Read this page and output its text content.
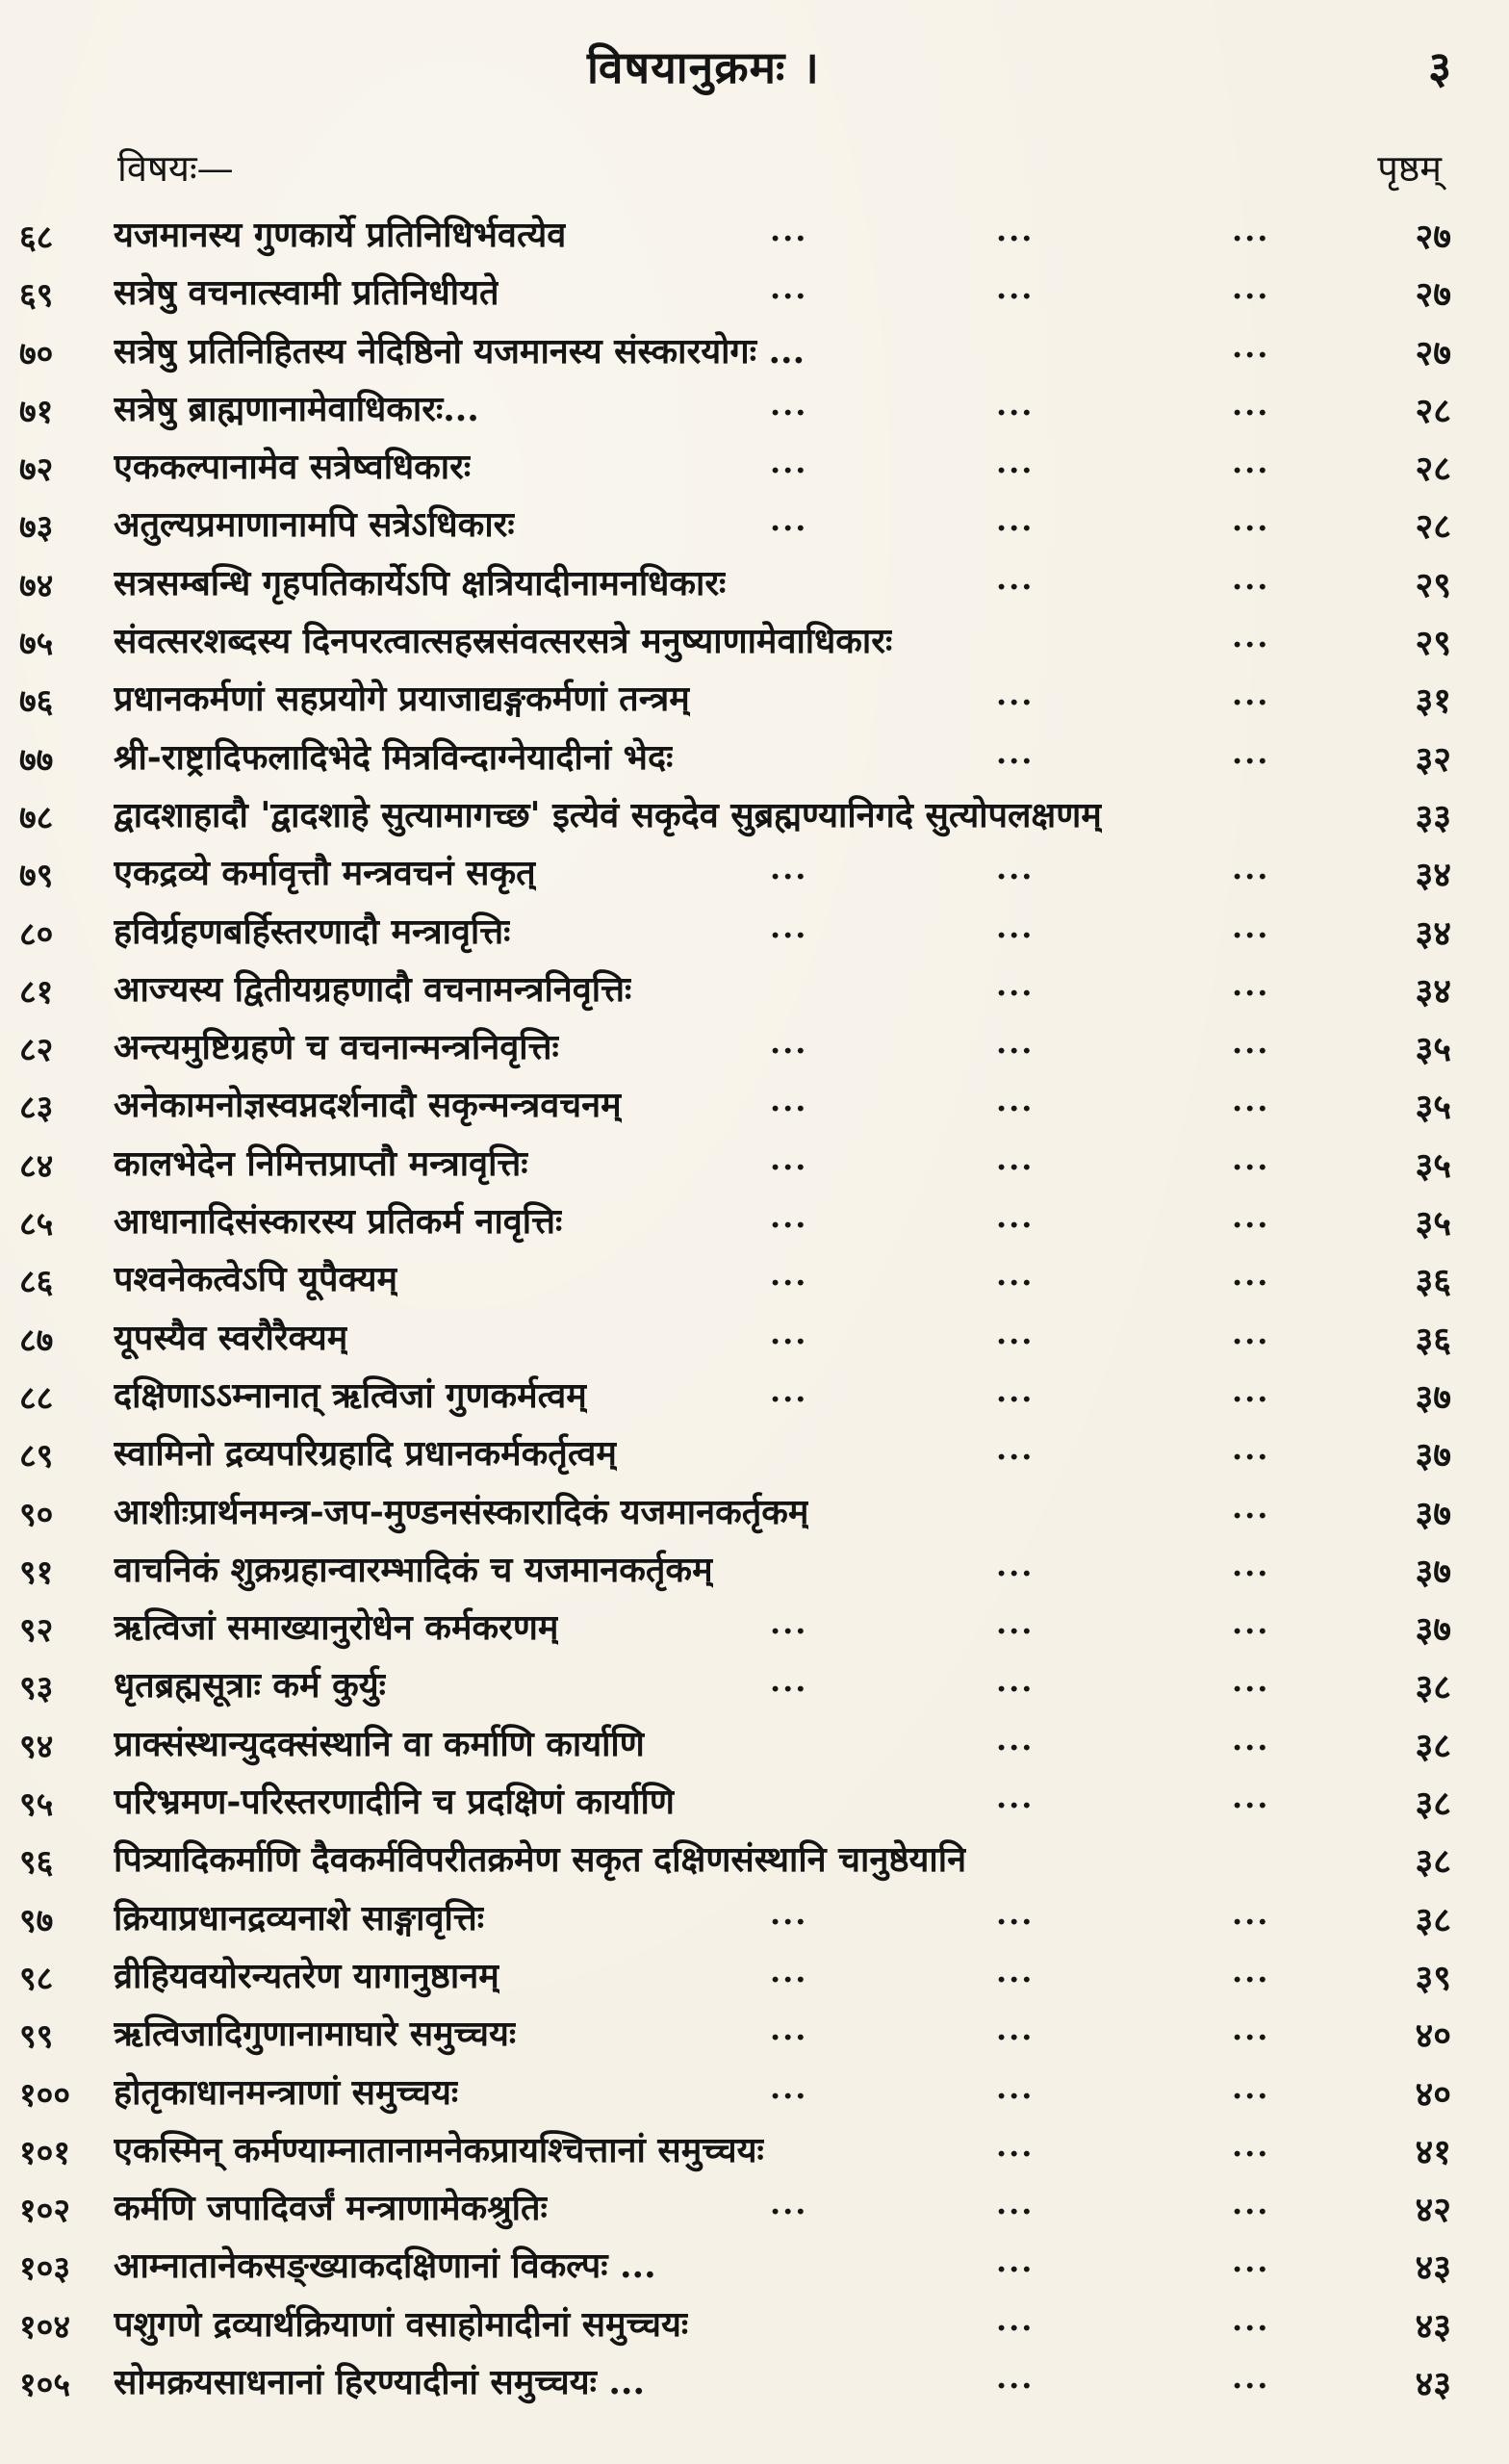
विषयानुक्रमः ।	३
विषयः—	पृष्ठम्
६८	यजमानस्य गुणकार्ये प्रतिनिधिर्भवत्येव	...	...	...	२७
६९	सत्रेषु वचनात्स्वामी प्रतिनिधीयते	...	...	...	२७
७०	सत्रेषु प्रतिनिहितस्य नेदिष्ठिनो यजमानस्य संस्कारयोगः ...	...	२७
७१	सत्रेषु ब्राह्मणानामेवाधिकारः...	...	...	...	२८
७२	एककल्पानामेव सत्रेष्वधिकारः	...	...	...	२८
७३	अतुल्यप्रमाणानामपि सत्रेऽधिकारः	...	...	...	२८
७४	सत्रसम्बन्धि गृहपतिकार्येऽपि क्षत्रियादीनामनधिकारः	...	...	२९
७५	संवत्सरशब्दस्य दिनपरत्वात्सहस्रसंवत्सरसत्रे मनुष्याणामेवाधिकारः	...	२९
७६	प्रधानकर्मणां सहप्रयोगे प्रयाजाद्यङ्गकर्मणां तन्त्रम्	...	...	३१
७७	श्री-राष्ट्रादिफलादिभेदे मित्रविन्दाग्नेयादीनां भेदः	...	...	३२
७८	द्वादशाहादौ 'द्वादशाहे सुत्यामागच्छ' इत्येवं सकृदेव सुब्रह्मण्यानिगदे सुत्योपलक्षणम्	३३
७९	एकद्रव्ये कर्मावृत्तौ मन्त्रवचनं सकृत्	...	...	...	३४
८०	हविर्ग्रहणबर्हिस्तरणादौ मन्त्रावृत्तिः	...	...	...	३४
८१	आज्यस्य द्वितीयग्रहणादौ वचनामन्त्रनिवृत्तिः	...	...	३४
८२	अन्त्यमुष्टिग्रहणे च वचनान्मन्त्रनिवृत्तिः	...	...	...	३५
८३	अनेकामनोज्ञस्वप्नदर्शनादौ सकृन्मन्त्रवचनम्	...	...	...	३५
८४	कालभेदेन निमित्तप्राप्तौ मन्त्रावृत्तिः	...	...	...	३५
८५	आधानादिसंस्कारस्य प्रतिकर्म नावृत्तिः	...	...	...	३५
८६	पश्वनेकत्वेऽपि यूपैक्यम्	...	...	...	३६
८७	यूपस्यैव स्वरौरैक्यम्	...	...	...	३६
८८	दक्षिणाऽऽम्नानात् ऋत्विजां गुणकर्मत्वम्	...	...	...	३७
८९	स्वामिनो द्रव्यपरिग्रहादि प्रधानकर्मकर्तृत्वम्	...	...	३७
९०	आशीःप्रार्थनमन्त्र-जप-मुण्डनसंस्कारादिकं यजमानकर्तृकम्	...	३७
९१	वाचनिकं शुक्रग्रहान्वारम्भादिकं च यजमानकर्तृकम्	...	...	३७
९२	ऋत्विजां समाख्यानुरोधेन कर्मकरणम्	...	...	...	३७
९३	धृतब्रह्मसूत्राः कर्म कुर्युः	...	...	...	३८
९४	प्राक्संस्थान्युदक्संस्थानि वा कर्माणि कार्याणि	...	...	३८
९५	परिभ्रमण-परिस्तरणादीनि च प्रदक्षिणं कार्याणि	...	...	३८
९६	पित्र्यादिकर्माणि दैवकर्मविपरीतक्रमेण सकृत दक्षिणसंस्थानि चानुष्ठेयानि	३८
९७	क्रियाप्रधानद्रव्यनाशे साङ्गावृत्तिः	...	...	...	३८
९८	व्रीहियवयोरन्यतरेण यागानुष्ठानम्	...	...	...	३९
९९	ऋत्विजादिगुणानामाघारे समुच्चयः	...	...	...	४०
१००	होतृकाधानमन्त्राणां समुच्चयः	...	...	...	४०
१०१	एकस्मिन् कर्मण्याम्नातानामनेकप्रायश्चित्तानां समुच्चयः	...	...	४१
१०२	कर्मणि जपादिवर्जं मन्त्राणामेकश्रुतिः	...	...	...	४२
१०३	आम्नातानेकसङ्ख्याकदक्षिणानां विकल्पः ...	...	...	४३
१०४	पशुगणे द्रव्यार्थक्रियाणां वसाहोमादीनां समुच्चयः	...	...	४३
१०५	सोमक्रयसाधनानां हिरण्यादीनां समुच्चयः ...	...	...	४३
